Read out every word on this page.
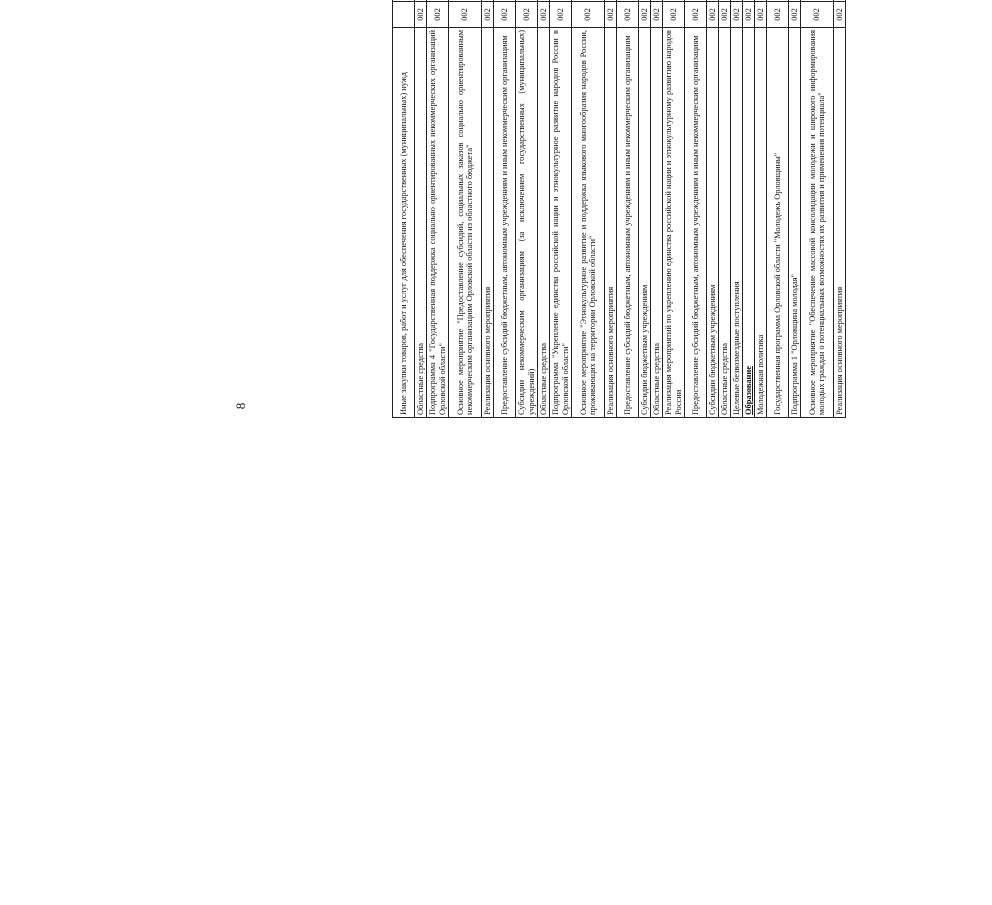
8	Иные закупки товаров, работ и услуг для обеспечения государственных (муниципальных) нужд									
Областные средства	002								
Подпрограмма 4 "Государственная поддержка социально ориентированных некоммерческих организаций Орловской области"	002								
Основное мероприятие "Предоставление субсидий, социальных заказов социально ориентированным некоммерческим организациям Орловской области из областного бюджета"	002								
Реализация основного мероприятия	002								
Предоставление субсидий бюджетным, автономным учреждениям и иным некоммерческим организациям	002								
Субсидии некоммерческим организациям (за исключением государственных (муниципальных) учреждений)	002								
Областные средства	002								
Подпрограмма "Укрепление единства российской нации и этнокультурное развитие народов России в Орловской области"	002								
Основное мероприятие "Этнокультурное развитие и поддержка языкового многообразия народов России, проживающих на территории Орловской области"	002								
Реализация основного мероприятия	002								
Предоставление субсидий бюджетным, автономным учреждениям и иным некоммерческим организациям	002								
Субсидии бюджетным учреждениям	002								
Областные средства	002								
Реализация мероприятий по укреплению единства российской нации и этнокультурному развитию народов России	002								
Предоставление субсидий бюджетным, автономным учреждениям и иным некоммерческим организациям	002								
Субсидии бюджетным учреждениям	002								
Областные средства	002								
Целевые безвозмездные поступления	002								
Образование	002								
Молодежная политика	002								
Государственная программа Орловской области "Молодежь Орловщины"	002								
Подпрограмма 1 "Орловщина молодая"	002								
Основное мероприятие "Обеспечение массовой консолидации молодежи и широкого информирования молодых граждан о потенциальных возможностях их развития и применения потенциала"	002								
Реализация основного мероприятия	002								
